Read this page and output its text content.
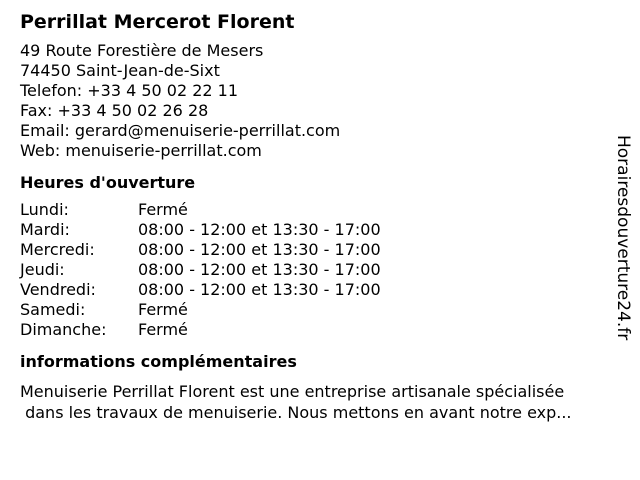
Perrillat Mercerot Florent
49 Route Forestière de Mesers
74450 Saint-Jean-de-Sixt
Telefon: +33 4 50 02 22 11
Fax: +33 4 50 02 26 28
Email: gerard@menuiserie-perrillat.com
Web: menuiserie-perrillat.com
Heures d'ouverture
Lundi:	Fermé
Mardi:	08:00 - 12:00 et 13:30 - 17:00
Mercredi:	08:00 - 12:00 et 13:30 - 17:00
Jeudi:	08:00 - 12:00 et 13:30 - 17:00
Vendredi:	08:00 - 12:00 et 13:30 - 17:00
Samedi:	Fermé
Dimanche:	Fermé
informations complémentaires
Menuiserie Perrillat Florent est une entreprise artisanale spécialisée
dans les travaux de menuiserie. Nous mettons en avant notre exp...
Horairesdouverture24.fr
